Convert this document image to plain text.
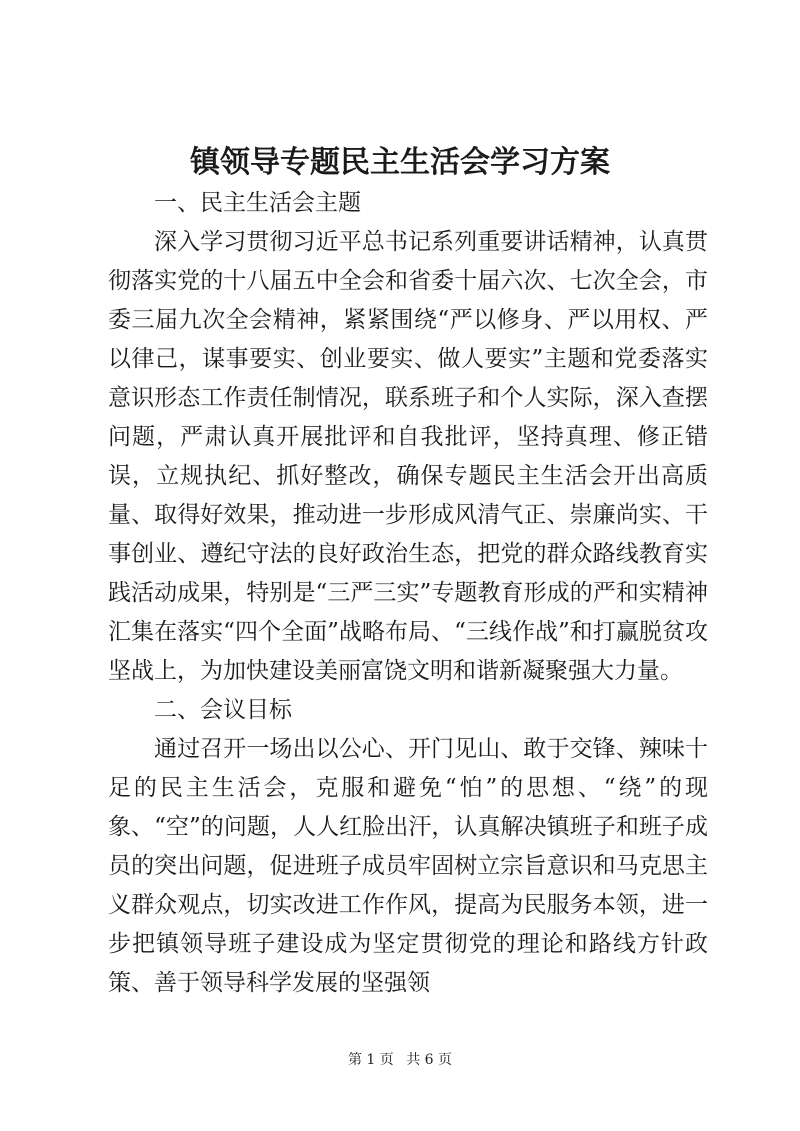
镇领导专题民主生活会学习方案

一、民主生活会主题

深入学习贯彻习近平总书记系列重要讲话精神，认真贯彻落实党的十八届五中全会和省委十届六次、七次全会，市委三届九次全会精神，紧紧围绕“严以修身、严以用权、严以律己，谋事要实、创业要实、做人要实”主题和党委落实意识形态工作责任制情况，联系班子和个人实际，深入查摆问题，严肃认真开展批评和自我批评，坚持真理、修正错误，立规执纪、抓好整改，确保专题民主生活会开出高质量、取得好效果，推动进一步形成风清气正、崇廉尚实、干事创业、遵纪守法的良好政治生态，把党的群众路线教育实践活动成果，特别是“三严三实”专题教育形成的严和实精神汇集在落实“四个全面”战略布局、“三线作战”和打赢脱贫攻坚战上，为加快建设美丽富饶文明和谐新凝聚强大力量。

二、会议目标

通过召开一场出以公心、开门见山、敢于交锋、辣味十足的民主生活会，克服和避免“怕”的思想、“绕”的现象、“空”的问题，人人红脸出汗，认真解决镇班子和班子成员的突出问题，促进班子成员牢固树立宗旨意识和马克思主义群众观点，切实改进工作作风，提高为民服务本领，进一步把镇领导班子建设成为坚定贯彻党的理论和路线方针政策、善于领导科学发展的坚强领

第 1 页 共 6 页
